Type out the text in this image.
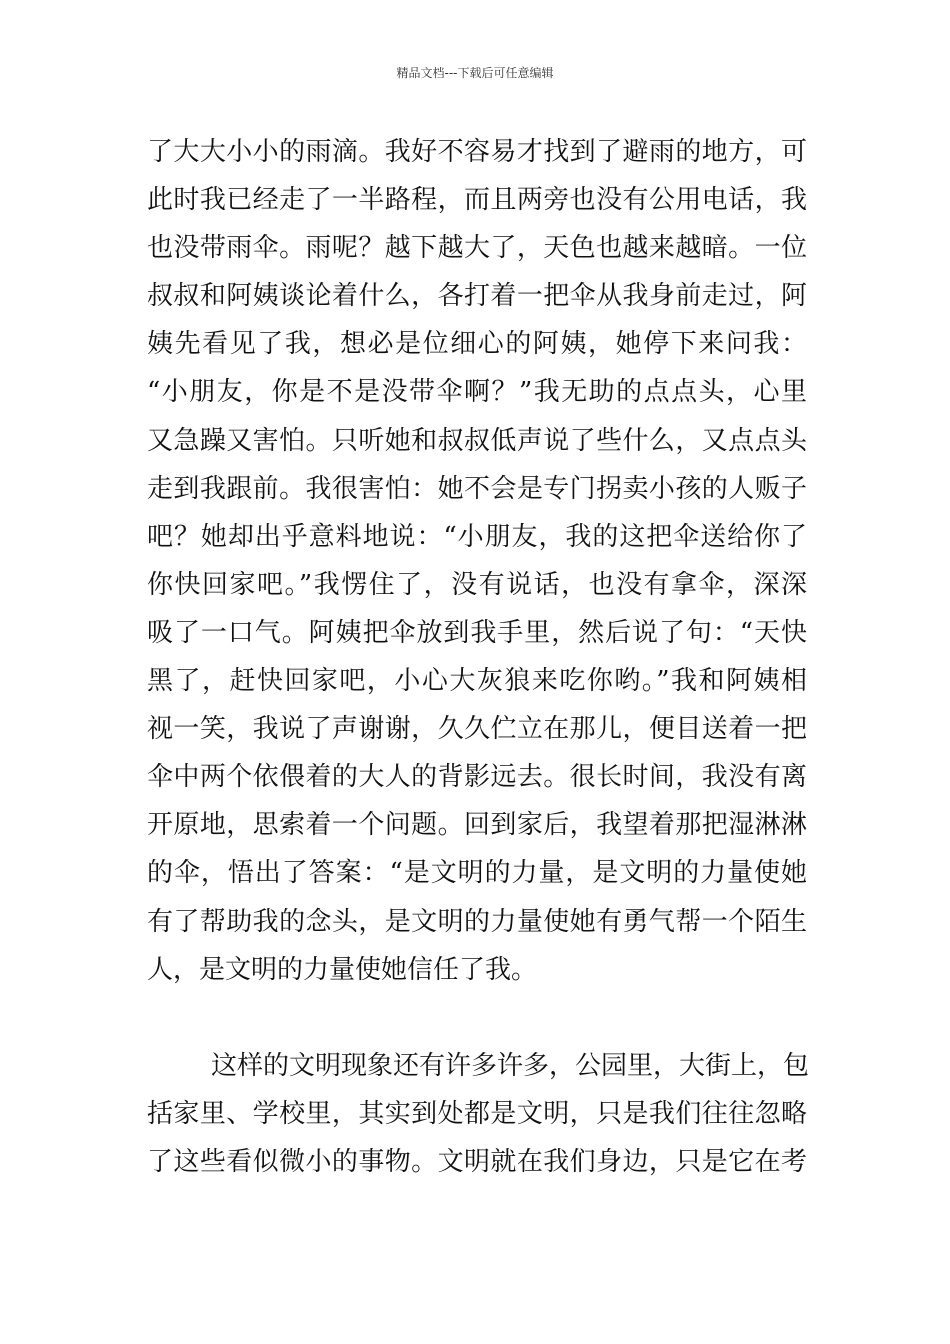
精品文档---下载后可任意编辑
了大大小小的雨滴。我好不容易才找到了避雨的地方，可
此时我已经走了一半路程，而且两旁也没有公用电话，我
也没带雨伞。雨呢？越下越大了，天色也越来越暗。一位
叔叔和阿姨谈论着什么，各打着一把伞从我身前走过，阿
姨先看见了我，想必是位细心的阿姨，她停下来问我：
“小朋友，你是不是没带伞啊？”我无助的点点头，心里
又急躁又害怕。只听她和叔叔低声说了些什么，又点点头
走到我跟前。我很害怕：她不会是专门拐卖小孩的人贩子
吧？她却出乎意料地说：“小朋友，我的这把伞送给你了
你快回家吧。”我愣住了，没有说话，也没有拿伞，深深
吸了一口气。阿姨把伞放到我手里，然后说了句：“天快
黑了，赶快回家吧，小心大灰狼来吃你哟。”我和阿姨相
视一笑，我说了声谢谢，久久伫立在那儿，便目送着一把
伞中两个依偎着的大人的背影远去。很长时间，我没有离
开原地，思索着一个问题。回到家后，我望着那把湿淋淋
的伞，悟出了答案：“是文明的力量，是文明的力量使她
有了帮助我的念头，是文明的力量使她有勇气帮一个陌生
人，是文明的力量使她信任了我。
这样的文明现象还有许多许多，公园里，大街上，包
括家里、学校里，其实到处都是文明，只是我们往往忽略
了这些看似微小的事物。文明就在我们身边，只是它在考
